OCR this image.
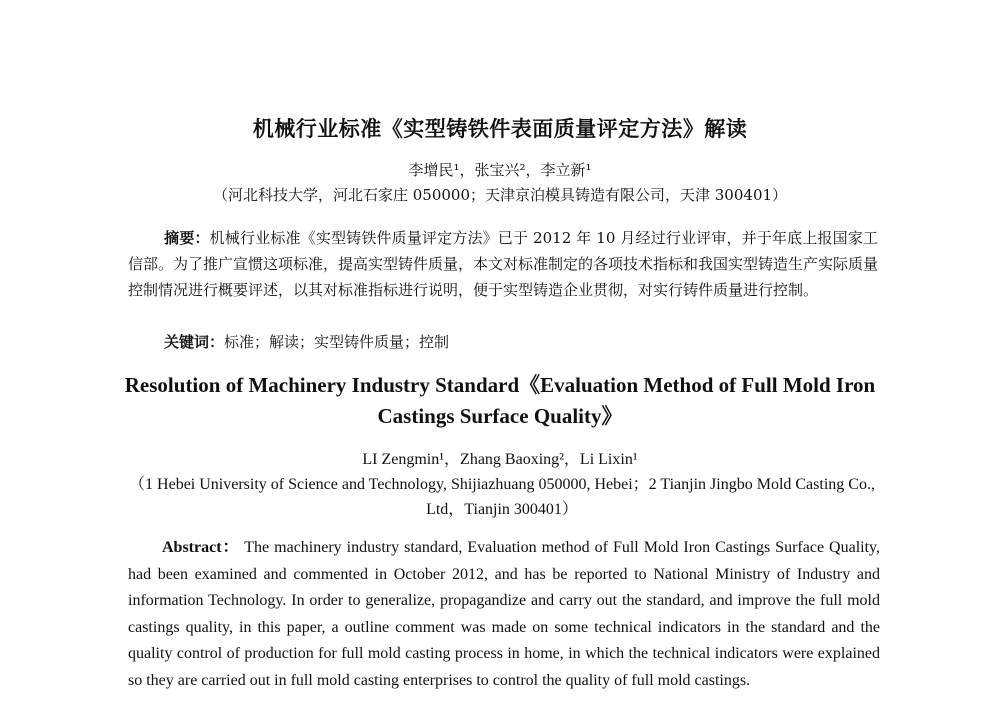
机械行业标准《实型铸铁件表面质量评定方法》解读
李增民¹，张宝兴²，李立新¹
（河北科技大学，河北石家庄 050000；天津京泊模具铸造有限公司，天津 300401）
摘要：机械行业标准《实型铸铁件质量评定方法》已于 2012 年 10 月经过行业评审，并于年底上报国家工信部。为了推广宣惯这项标准，提高实型铸件质量，本文对标准制定的各项技术指标和我国实型铸造生产实际质量控制情况进行概要评述，以其对标准指标进行说明，便于实型铸造企业贯彻，对实行铸件质量进行控制。
关键词：标准；解读；实型铸件质量；控制
Resolution of Machinery Industry Standard《Evaluation Method of Full Mold Iron Castings Surface Quality》
LI Zengmin¹，Zhang Baoxing²，Li Lixin¹
（1 Hebei University of Science and Technology, Shijiazhuang 050000, Hebei；2 Tianjin Jingbo Mold Casting Co., Ltd，Tianjin 300401）
Abstract： The machinery industry standard, Evaluation method of Full Mold Iron Castings Surface Quality, had been examined and commented in October 2012, and has be reported to National Ministry of Industry and information Technology. In order to generalize, propagandize and carry out the standard, and improve the full mold castings quality, in this paper, a outline comment was made on some technical indicators in the standard and the quality control of production for full mold casting process in home, in which the technical indicators were explained so they are carried out in full mold casting enterprises to control the quality of full mold castings.
